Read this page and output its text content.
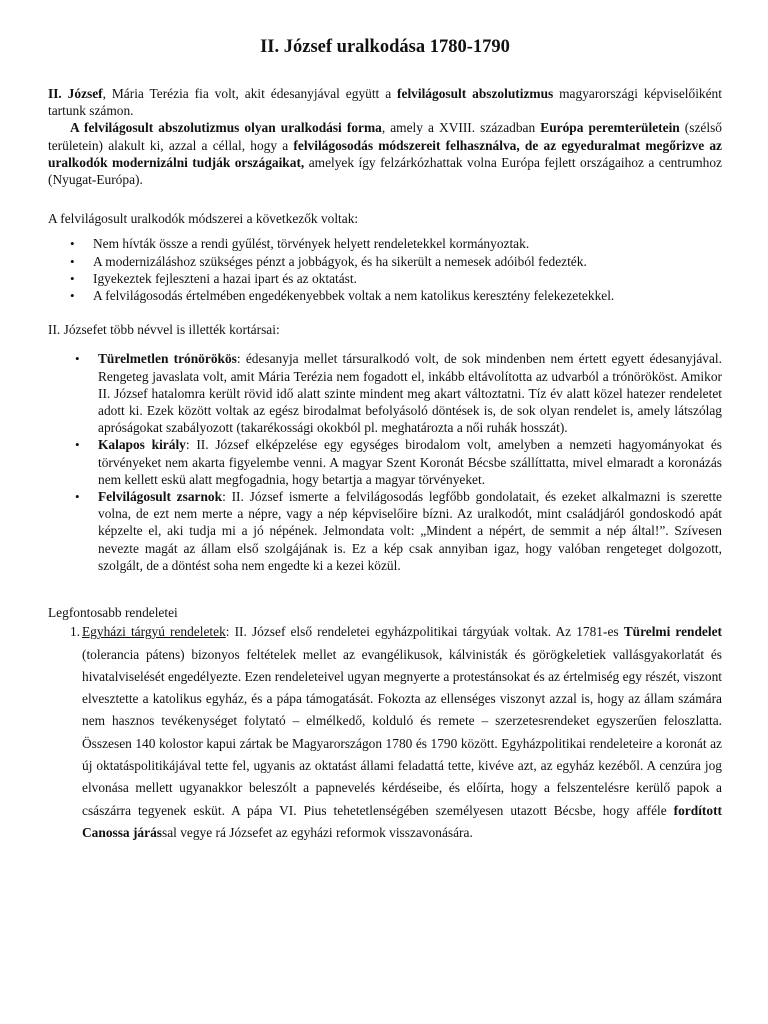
II. József uralkodása 1780-1790

II. József, Mária Terézia fia volt, akit édesanyjával együtt a felvilágosult abszolutizmus magyarországi képviselőiként tartunk számon.

A felvilágosult abszolutizmus olyan uralkodási forma, amely a XVIII. században Európa peremterületein (szélső területein) alakult ki, azzal a céllal, hogy a felvilágosodás módszereit felhasználva, de az egyeduralmat megőrizve az uralkodók modernizálni tudják országaikat, amelyek így felzárkózhattak volna Európa fejlett országaihoz a centrumhoz (Nyugat-Európa).

A felvilágosult uralkodók módszerei a következők voltak:

• Nem hívták össze a rendi gyűlést, törvények helyett rendeletekkel kormányoztak.
• A modernizáláshoz szükséges pénzt a jobbágyok, és ha sikerült a nemesek adóiból fedezték.
• Igyekeztek fejleszteni a hazai ipart és az oktatást.
• A felvilágosodás értelmében engedékenyebbek voltak a nem katolikus keresztény felekezetekkel.

II. Józsefet több névvel is illették kortársai:

• Türelmetlen trónörökös: édesanyja mellet társuralkodó volt, de sok mindenben nem értett egyett édesanyjával. Rengeteg javaslata volt, amit Mária Terézia nem fogadott el, inkább eltávolította az udvarból a trónörököst. Amikor II. József hatalomra került rövid idő alatt szinte mindent meg akart változtatni. Tíz év alatt közel hatezer rendeletet adott ki. Ezek között voltak az egész birodalmat befolyásoló döntések is, de sok olyan rendelet is, amely látszólag apróságokat szabályozott (takarékossági okokból pl. meghatározta a női ruhák hosszát).
• Kalapos király: II. József elképzelése egy egységes birodalom volt, amelyben a nemzeti hagyományokat és törvényeket nem akarta figyelembe venni. A magyar Szent Koronát Bécsbe szállíttatta, mivel elmaradt a koronázás nem kellett eskü alatt megfogadnia, hogy betartja a magyar törvényeket.
• Felvilágosult zsarnok: II. József ismerte a felvilágosodás legfőbb gondolatait, és ezeket alkalmazni is szerette volna, de ezt nem merte a népre, vagy a nép képviselőire bízni. Az uralkodót, mint családjáról gondoskodó apát képzelte el, aki tudja mi a jó népének. Jelmondata volt: „Mindent a népért, de semmit a nép által!”. Szívesen nevezte magát az állam első szolgájának is. Ez a kép csak annyiban igaz, hogy valóban rengeteget dolgozott, szolgált, de a döntést soha nem engedte ki a kezei közül.

Legfontosabb rendeletei

1. Egyházi tárgyú rendeletek: II. József első rendeletei egyházpolitikai tárgyúak voltak. Az 1781-es Türelmi rendelet (tolerancia pátens) bizonyos feltételek mellet az evangélikusok, kálvinisták és görögkeletiek vallásgyakorlatát és hivatalviselését engedélyezte. Ezen rendeleteivel ugyan megnyerte a protestánsokat és az értelmiség egy részét, viszont elvesztette a katolikus egyház, és a pápa támogatását. Fokozta az ellenséges viszonyt azzal is, hogy az állam számára nem hasznos tevékenységet folytató – elmélkedő, kolduló és remete – szerzetesrendeket egyszerűen feloszlatta. Összesen 140 kolostor kapui zártak be Magyarországon 1780 és 1790 között. Egyházpolitikai rendeleteire a koronát az új oktatáspolitikájával tette fel, ugyanis az oktatást állami feladattá tette, kivéve azt, az egyház kezéből. A cenzúra jog elvonása mellett ugyanakkor beleszólt a papnevelés kérdéseibe, és előírta, hogy a felszentelésre kerülő papok a császárra tegyenek esküt. A pápa VI. Pius tehetetlenségében személyesen utazott Bécsbe, hogy afféle fordított Canossa járással vegye rá Józsefet az egyházi reformok visszavonására.
